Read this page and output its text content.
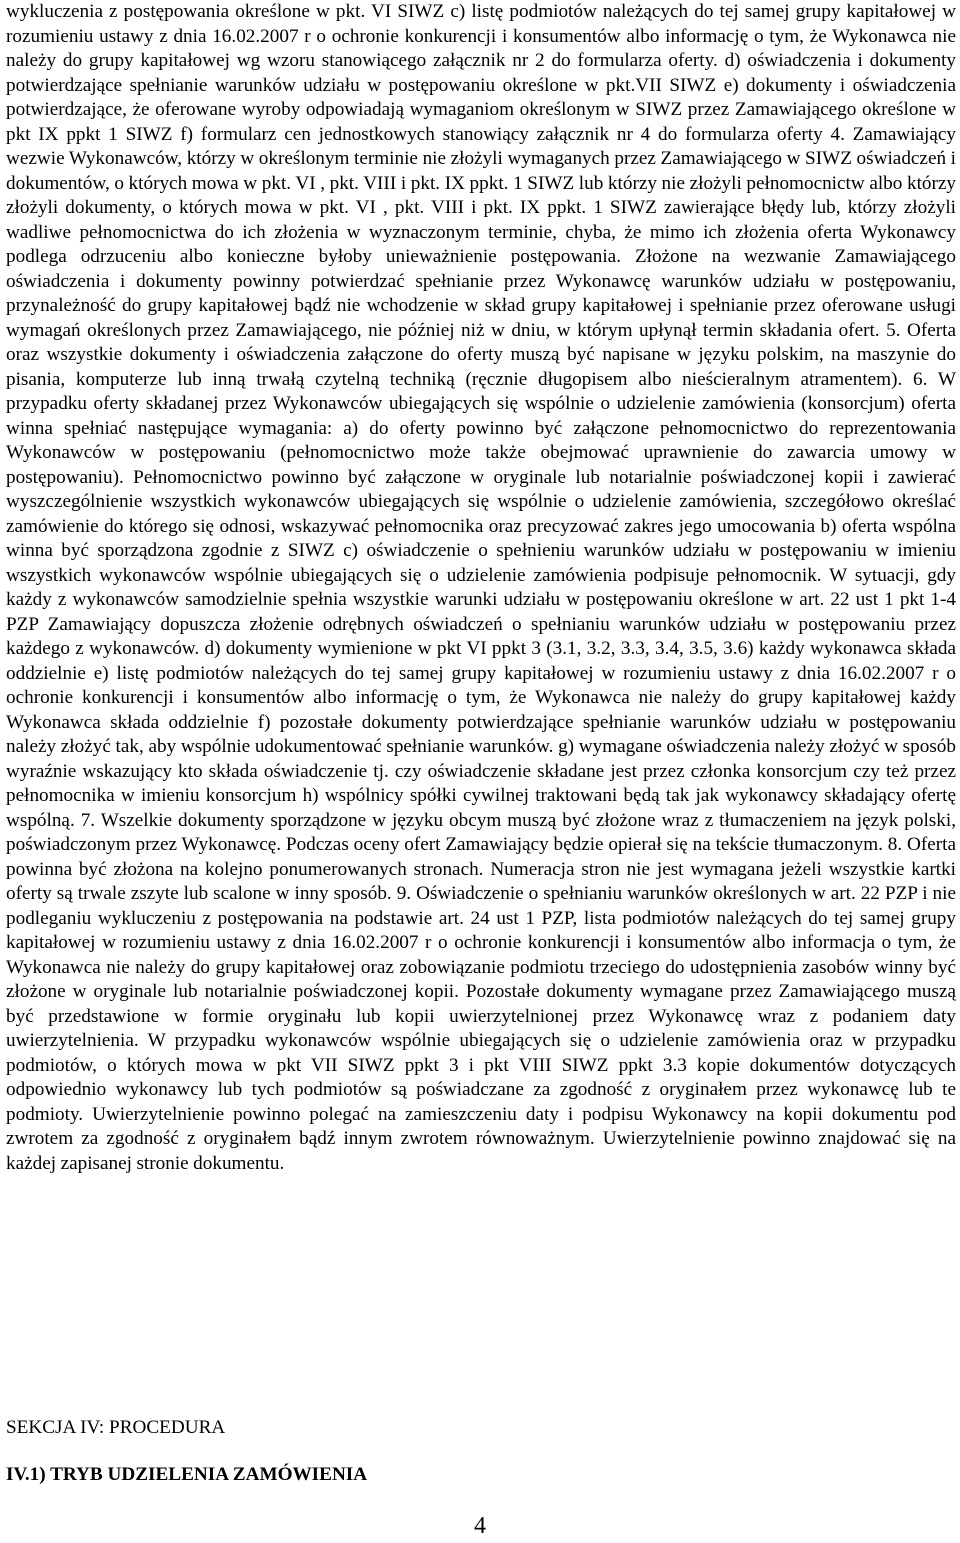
wykluczenia z postępowania określone w pkt. VI SIWZ c) listę podmiotów należących do tej samej grupy kapitałowej w rozumieniu ustawy z dnia 16.02.2007 r o ochronie konkurencji i konsumentów albo informację o tym, że Wykonawca nie należy do grupy kapitałowej wg wzoru stanowiącego załącznik nr 2 do formularza oferty. d) oświadczenia i dokumenty potwierdzające spełnianie warunków udziału w postępowaniu określone w pkt.VII SIWZ e) dokumenty i oświadczenia potwierdzające, że oferowane wyroby odpowiadają wymaganiom określonym w SIWZ przez Zamawiającego określone w pkt IX ppkt 1 SIWZ f) formularz cen jednostkowych stanowiący załącznik nr 4 do formularza oferty 4. Zamawiający wezwie Wykonawców, którzy w określonym terminie nie złożyli wymaganych przez Zamawiającego w SIWZ oświadczeń i dokumentów, o których mowa w pkt. VI , pkt. VIII i pkt. IX ppkt. 1 SIWZ lub którzy nie złożyli pełnomocnictw albo którzy złożyli dokumenty, o których mowa w pkt. VI , pkt. VIII i pkt. IX ppkt. 1 SIWZ zawierające błędy lub, którzy złożyli wadliwe pełnomocnictwa do ich złożenia w wyznaczonym terminie, chyba, że mimo ich złożenia oferta Wykonawcy podlega odrzuceniu albo konieczne byłoby unieważnienie postępowania. Złożone na wezwanie Zamawiającego oświadczenia i dokumenty powinny potwierdzać spełnianie przez Wykonawcę warunków udziału w postępowaniu, przynależność do grupy kapitałowej bądź nie wchodzenie w skład grupy kapitałowej i spełnianie przez oferowane usługi wymagań określonych przez Zamawiającego, nie później niż w dniu, w którym upłynął termin składania ofert. 5. Oferta oraz wszystkie dokumenty i oświadczenia załączone do oferty muszą być napisane w języku polskim, na maszynie do pisania, komputerze lub inną trwałą czytelną techniką (ręcznie długopisem albo nieścieralnym atramentem). 6. W przypadku oferty składanej przez Wykonawców ubiegających się wspólnie o udzielenie zamówienia (konsorcjum) oferta winna spełniać następujące wymagania: a) do oferty powinno być załączone pełnomocnictwo do reprezentowania Wykonawców w postępowaniu (pełnomocnictwo może także obejmować uprawnienie do zawarcia umowy w postępowaniu). Pełnomocnictwo powinno być załączone w oryginale lub notarialnie poświadczonej kopii i zawierać wyszczególnienie wszystkich wykonawców ubiegających się wspólnie o udzielenie zamówienia, szczegółowo określać zamówienie do którego się odnosi, wskazywać pełnomocnika oraz precyzować zakres jego umocowania b) oferta wspólna winna być sporządzona zgodnie z SIWZ c) oświadczenie o spełnieniu warunków udziału w postępowaniu w imieniu wszystkich wykonawców wspólnie ubiegających się o udzielenie zamówienia podpisuje pełnomocnik. W sytuacji, gdy każdy z wykonawców samodzielnie spełnia wszystkie warunki udziału w postępowaniu określone w art. 22 ust 1 pkt 1-4 PZP Zamawiający dopuszcza złożenie odrębnych oświadczeń o spełnianiu warunków udziału w postępowaniu przez każdego z wykonawców. d) dokumenty wymienione w pkt VI ppkt 3 (3.1, 3.2, 3.3, 3.4, 3.5, 3.6) każdy wykonawca składa oddzielnie e) listę podmiotów należących do tej samej grupy kapitałowej w rozumieniu ustawy z dnia 16.02.2007 r o ochronie konkurencji i konsumentów albo informację o tym, że Wykonawca nie należy do grupy kapitałowej każdy Wykonawca składa oddzielnie f) pozostałe dokumenty potwierdzające spełnianie warunków udziału w postępowaniu należy złożyć tak, aby wspólnie udokumentować spełnianie warunków. g) wymagane oświadczenia należy złożyć w sposób wyraźnie wskazujący kto składa oświadczenie tj. czy oświadczenie składane jest przez członka konsorcjum czy też przez pełnomocnika w imieniu konsorcjum h) wspólnicy spółki cywilnej traktowani będą tak jak wykonawcy składający ofertę wspólną. 7. Wszelkie dokumenty sporządzone w języku obcym muszą być złożone wraz z tłumaczeniem na język polski, poświadczonym przez Wykonawcę. Podczas oceny ofert Zamawiający będzie opierał się na tekście tłumaczonym. 8. Oferta powinna być złożona na kolejno ponumerowanych stronach. Numeracja stron nie jest wymagana jeżeli wszystkie kartki oferty są trwale zszyte lub scalone w inny sposób. 9. Oświadczenie o spełnianiu warunków określonych w art. 22 PZP i nie podleganiu wykluczeniu z postępowania na podstawie art. 24 ust 1 PZP, lista podmiotów należących do tej samej grupy kapitałowej w rozumieniu ustawy z dnia 16.02.2007 r o ochronie konkurencji i konsumentów albo informacja o tym, że Wykonawca nie należy do grupy kapitałowej oraz zobowiązanie podmiotu trzeciego do udostępnienia zasobów winny być złożone w oryginale lub notarialnie poświadczonej kopii. Pozostałe dokumenty wymagane przez Zamawiającego muszą być przedstawione w formie oryginału lub kopii uwierzytelnionej przez Wykonawcę wraz z podaniem daty uwierzytelnienia. W przypadku wykonawców wspólnie ubiegających się o udzielenie zamówienia oraz w przypadku podmiotów, o których mowa w pkt VII SIWZ ppkt 3 i pkt VIII SIWZ ppkt 3.3 kopie dokumentów dotyczących odpowiednio wykonawcy lub tych podmiotów są poświadczane za zgodność z oryginałem przez wykonawcę lub te podmioty. Uwierzytelnienie powinno polegać na zamieszczeniu daty i podpisu Wykonawcy na kopii dokumentu pod zwrotem za zgodność z oryginałem bądź innym zwrotem równoważnym. Uwierzytelnienie powinno znajdować się na każdej zapisanej stronie dokumentu.

SEKCJA IV: PROCEDURA
IV.1) TRYB UDZIELENIA ZAMÓWIENIA
4
